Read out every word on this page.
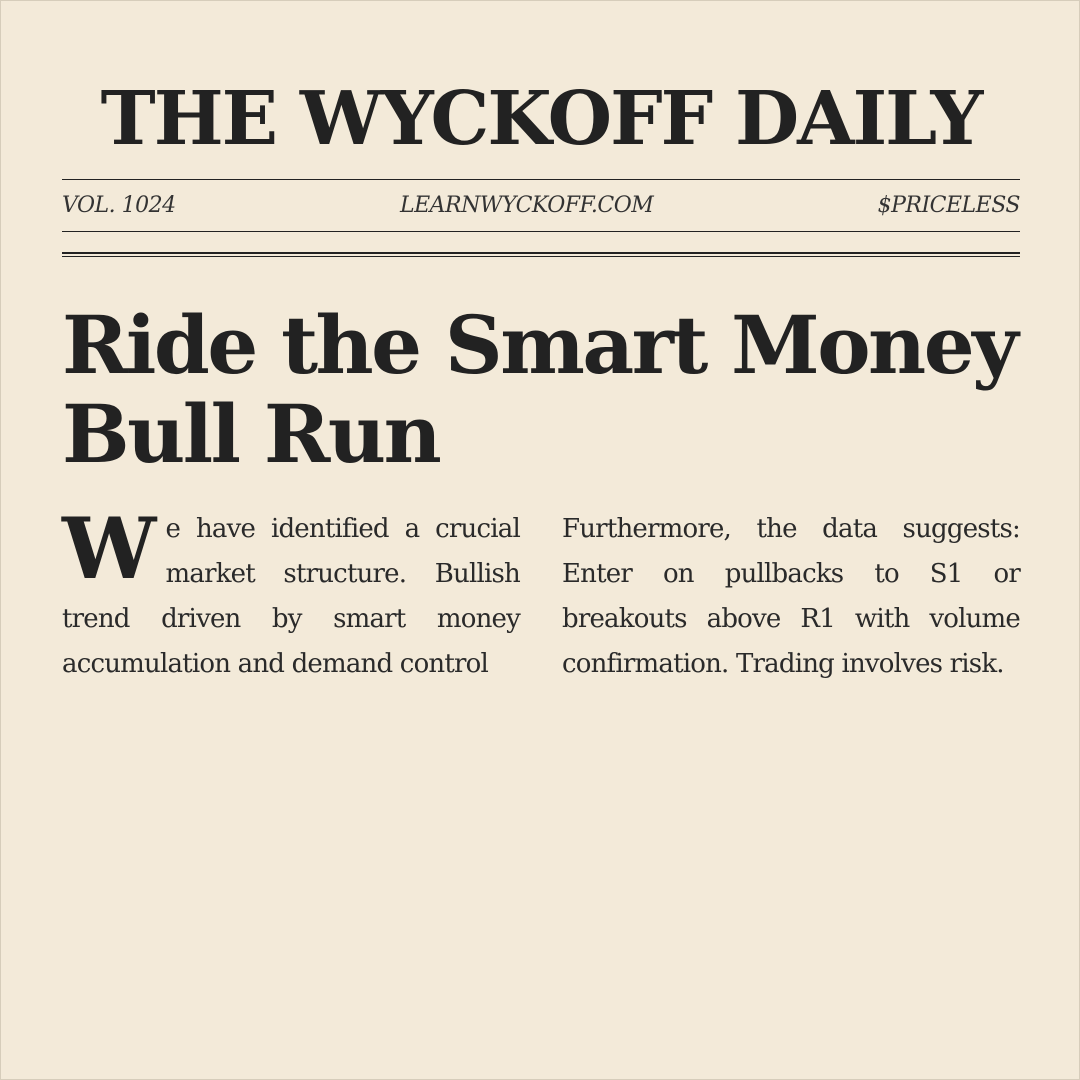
THE WYCKOFF DAILY
VOL. 1024	LEARNWYCKOFF.COM	$PRICELESS
Ride the Smart Money Bull Run

We have identified a crucial market structure. Bullish trend driven by smart money accumulation and demand control

Furthermore, the data suggests: Enter on pullbacks to S1 or breakouts above R1 with volume confirmation. Trading involves risk.
